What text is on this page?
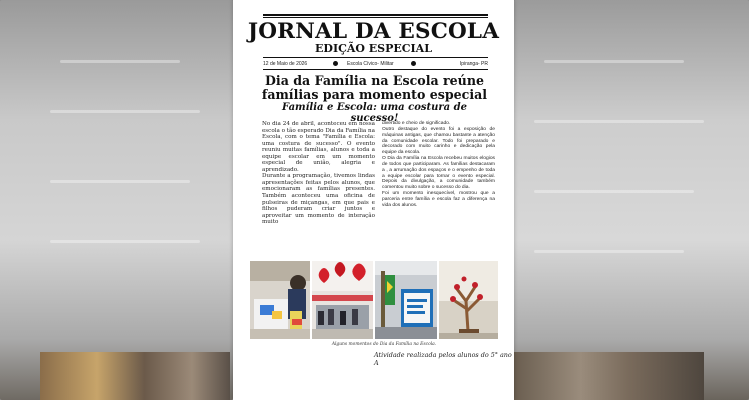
JORNAL DA ESCOLA
EDIÇÃO ESPECIAL
12 de Maio de 2026	Escola Cívico- Militar	Ipiranga- PR
Dia da Família na Escola reúne famílias para momento especial
Família e Escola: uma costura de sucesso!

No dia 24 de abril, aconteceu em nossa escola o tão esperado Dia da Família na Escola, com o tema "Família e Escola: uma costura de sucesso". O evento reuniu muitas famílias, alunos e toda a equipe escolar em um momento especial de união, alegria e aprendizado.

Durante a programação, tivemos lindas apresentações feitas pelos alunos, que emocionaram as famílias presentes. Também aconteceu uma oficina de pulseiras de miçangas, em que pais e filhos puderam criar juntos e aproveitar um momento de interação muito

divertido e cheio de significado.

Outro destaque do evento foi a exposição de máquinas antigas, que chamou bastante a atenção da comunidade escolar. Todo foi preparado e decorado com muito carinho e dedicação pela equipe da escola.

O Dia da Família na Escola recebeu muitos elogios de todos que participaram. As famílias destacaram a , a arrumação dos espaços e o empenho de toda a equipe escolar para tornar o evento especial. Depois da divulgação, a comunidade também comentou muito sobre o sucesso do dia.

Foi um momento inesquecível, mostrou que a parceria entre família e escola faz a diferença na vida dos alunos.

Alguns momentos do Dia da Família na Escola.
Atividade realizada pelos alunos do 5° ano A
